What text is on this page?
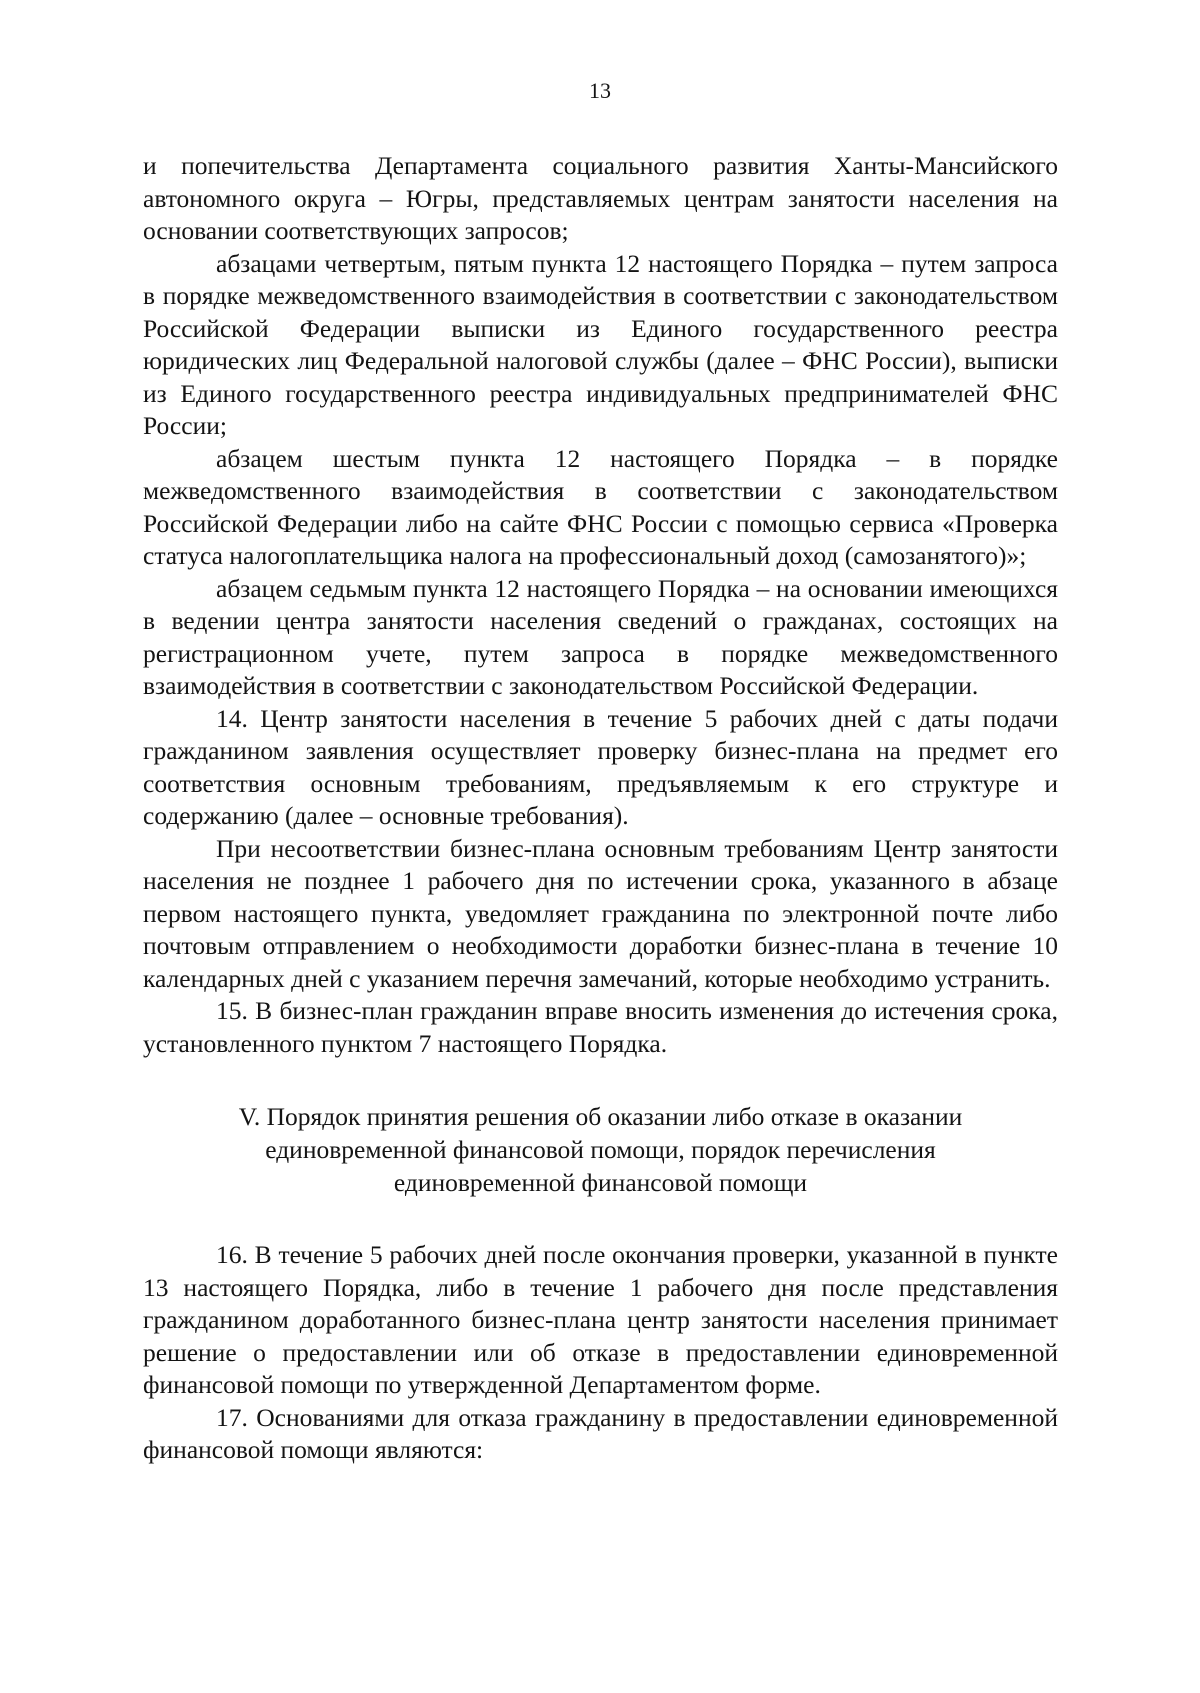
13

и попечительства Департамента социального развития Ханты-Мансийского автономного округа – Югры, представляемых центрам занятости населения на основании соответствующих запросов;

абзацами четвертым, пятым пункта 12 настоящего Порядка – путем запроса в порядке межведомственного взаимодействия в соответствии с законодательством Российской Федерации выписки из Единого государственного реестра юридических лиц Федеральной налоговой службы (далее – ФНС России), выписки из Единого государственного реестра индивидуальных предпринимателей ФНС России;

абзацем шестым пункта 12 настоящего Порядка – в порядке межведомственного взаимодействия в соответствии с законодательством Российской Федерации либо на сайте ФНС России с помощью сервиса «Проверка статуса налогоплательщика налога на профессиональный доход (самозанятого)»;

абзацем седьмым пункта 12 настоящего Порядка – на основании имеющихся в ведении центра занятости населения сведений о гражданах, состоящих на регистрационном учете, путем запроса в порядке межведомственного взаимодействия в соответствии с законодательством Российской Федерации.

14. Центр занятости населения в течение 5 рабочих дней с даты подачи гражданином заявления осуществляет проверку бизнес-плана на предмет его соответствия основным требованиям, предъявляемым к его структуре и содержанию (далее – основные требования).

При несоответствии бизнес-плана основным требованиям Центр занятости населения не позднее 1 рабочего дня по истечении срока, указанного в абзаце первом настоящего пункта, уведомляет гражданина по электронной почте либо почтовым отправлением о необходимости доработки бизнес-плана в течение 10 календарных дней с указанием перечня замечаний, которые необходимо устранить.

15. В бизнес-план гражданин вправе вносить изменения до истечения срока, установленного пунктом 7 настоящего Порядка.

V. Порядок принятия решения об оказании либо отказе в оказании
единовременной финансовой помощи, порядок перечисления
единовременной финансовой помощи

16. В течение 5 рабочих дней после окончания проверки, указанной в пункте 13 настоящего Порядка, либо в течение 1 рабочего дня после представления гражданином доработанного бизнес-плана центр занятости населения принимает решение о предоставлении или об отказе в предоставлении единовременной финансовой помощи по утвержденной Департаментом форме.

17. Основаниями для отказа гражданину в предоставлении единовременной финансовой помощи являются:
